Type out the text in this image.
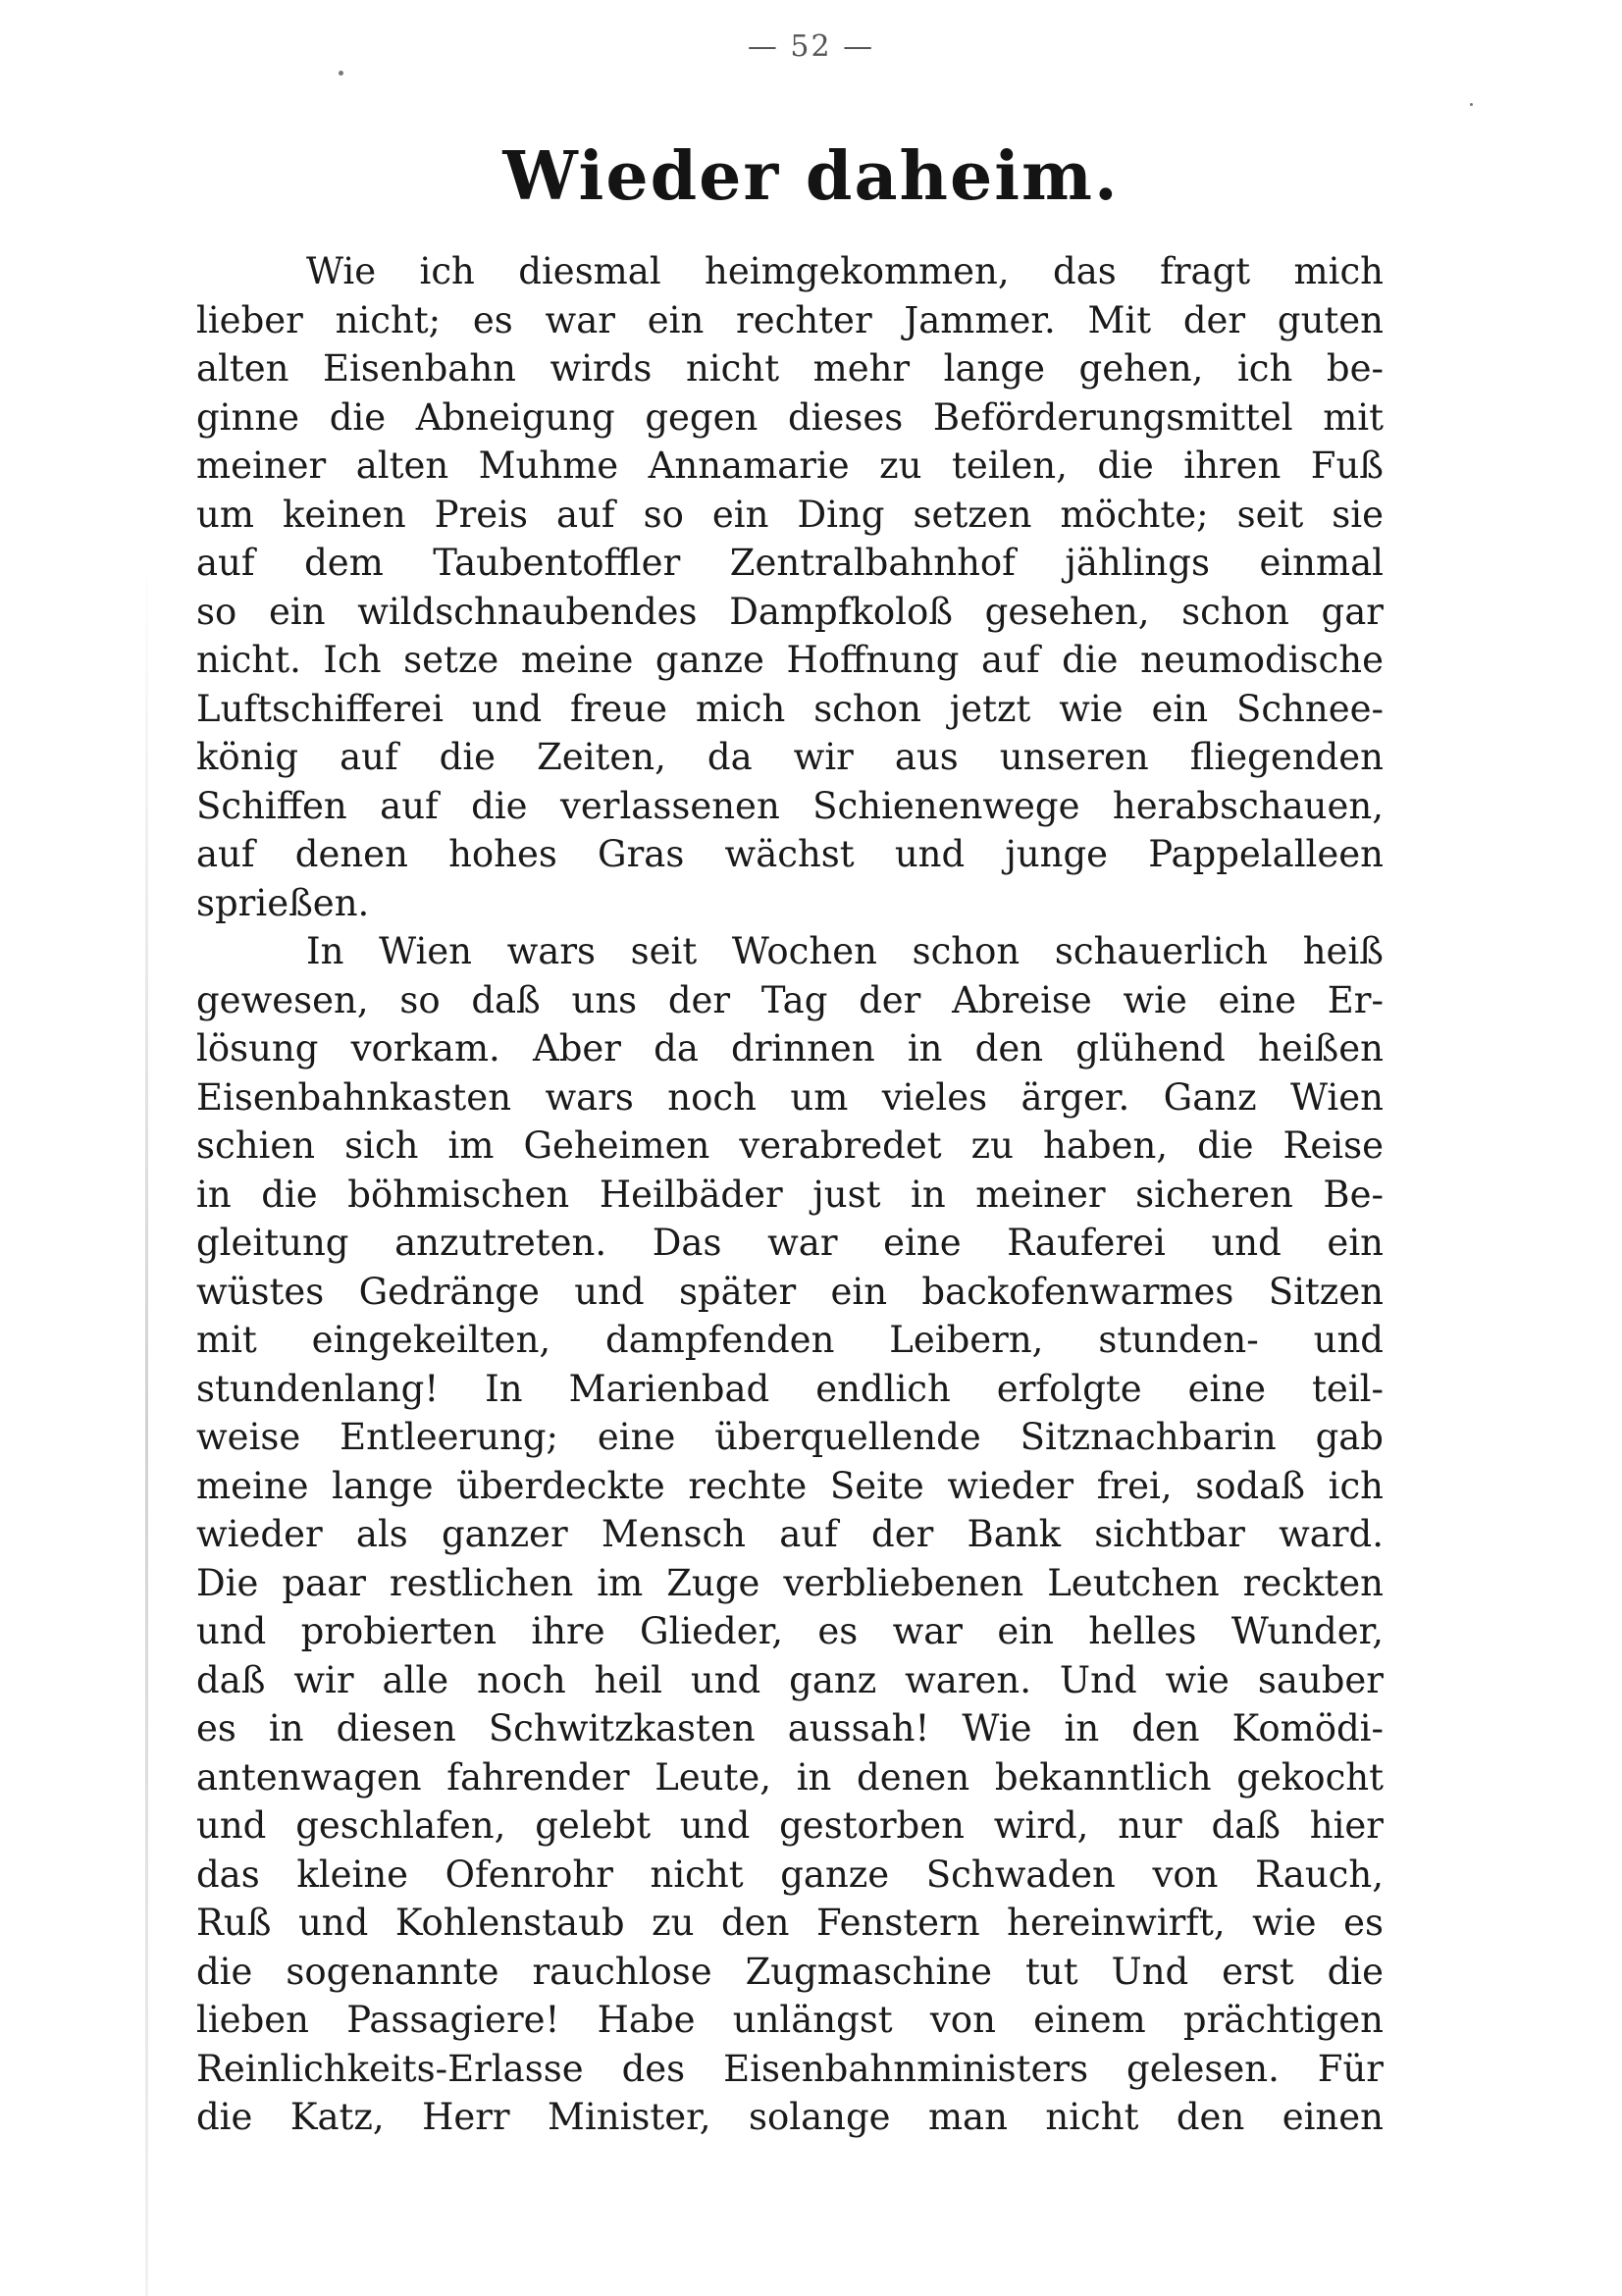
— 52 —
Wieder daheim.
Wie ich diesmal heimgekommen, das fragt mich
lieber nicht; es war ein rechter Jammer. Mit der guten
alten Eisenbahn wirds nicht mehr lange gehen, ich be-
ginne die Abneigung gegen dieses Beförderungsmittel mit
meiner alten Muhme Annamarie zu teilen, die ihren Fuß
um keinen Preis auf so ein Ding setzen möchte; seit sie
auf dem Taubentoffler Zentralbahnhof jählings einmal
so ein wildschnaubendes Dampfkoloß gesehen, schon gar
nicht. Ich setze meine ganze Hoffnung auf die neumodische
Luftschifferei und freue mich schon jetzt wie ein Schnee-
könig auf die Zeiten, da wir aus unseren fliegenden
Schiffen auf die verlassenen Schienenwege herabschauen,
auf denen hohes Gras wächst und junge Pappelalleen
sprießen.
In Wien wars seit Wochen schon schauerlich heiß
gewesen, so daß uns der Tag der Abreise wie eine Er-
lösung vorkam. Aber da drinnen in den glühend heißen
Eisenbahnkasten wars noch um vieles ärger. Ganz Wien
schien sich im Geheimen verabredet zu haben, die Reise
in die böhmischen Heilbäder just in meiner sicheren Be-
gleitung anzutreten. Das war eine Rauferei und ein
wüstes Gedränge und später ein backofenwarmes Sitzen
mit eingekeilten, dampfenden Leibern, stunden- und
stundenlang! In Marienbad endlich erfolgte eine teil-
weise Entleerung; eine überquellende Sitznachbarin gab
meine lange überdeckte rechte Seite wieder frei, sodaß ich
wieder als ganzer Mensch auf der Bank sichtbar ward.
Die paar restlichen im Zuge verbliebenen Leutchen reckten
und probierten ihre Glieder, es war ein helles Wunder,
daß wir alle noch heil und ganz waren. Und wie sauber
es in diesen Schwitzkasten aussah! Wie in den Komödi-
antenwagen fahrender Leute, in denen bekanntlich gekocht
und geschlafen, gelebt und gestorben wird, nur daß hier
das kleine Ofenrohr nicht ganze Schwaden von Rauch,
Ruß und Kohlenstaub zu den Fenstern hereinwirft, wie es
die sogenannte rauchlose Zugmaschine tut Und erst die
lieben Passagiere! Habe unlängst von einem prächtigen
Reinlichkeits-Erlasse des Eisenbahnministers gelesen. Für
die Katz, Herr Minister, solange man nicht den einen
